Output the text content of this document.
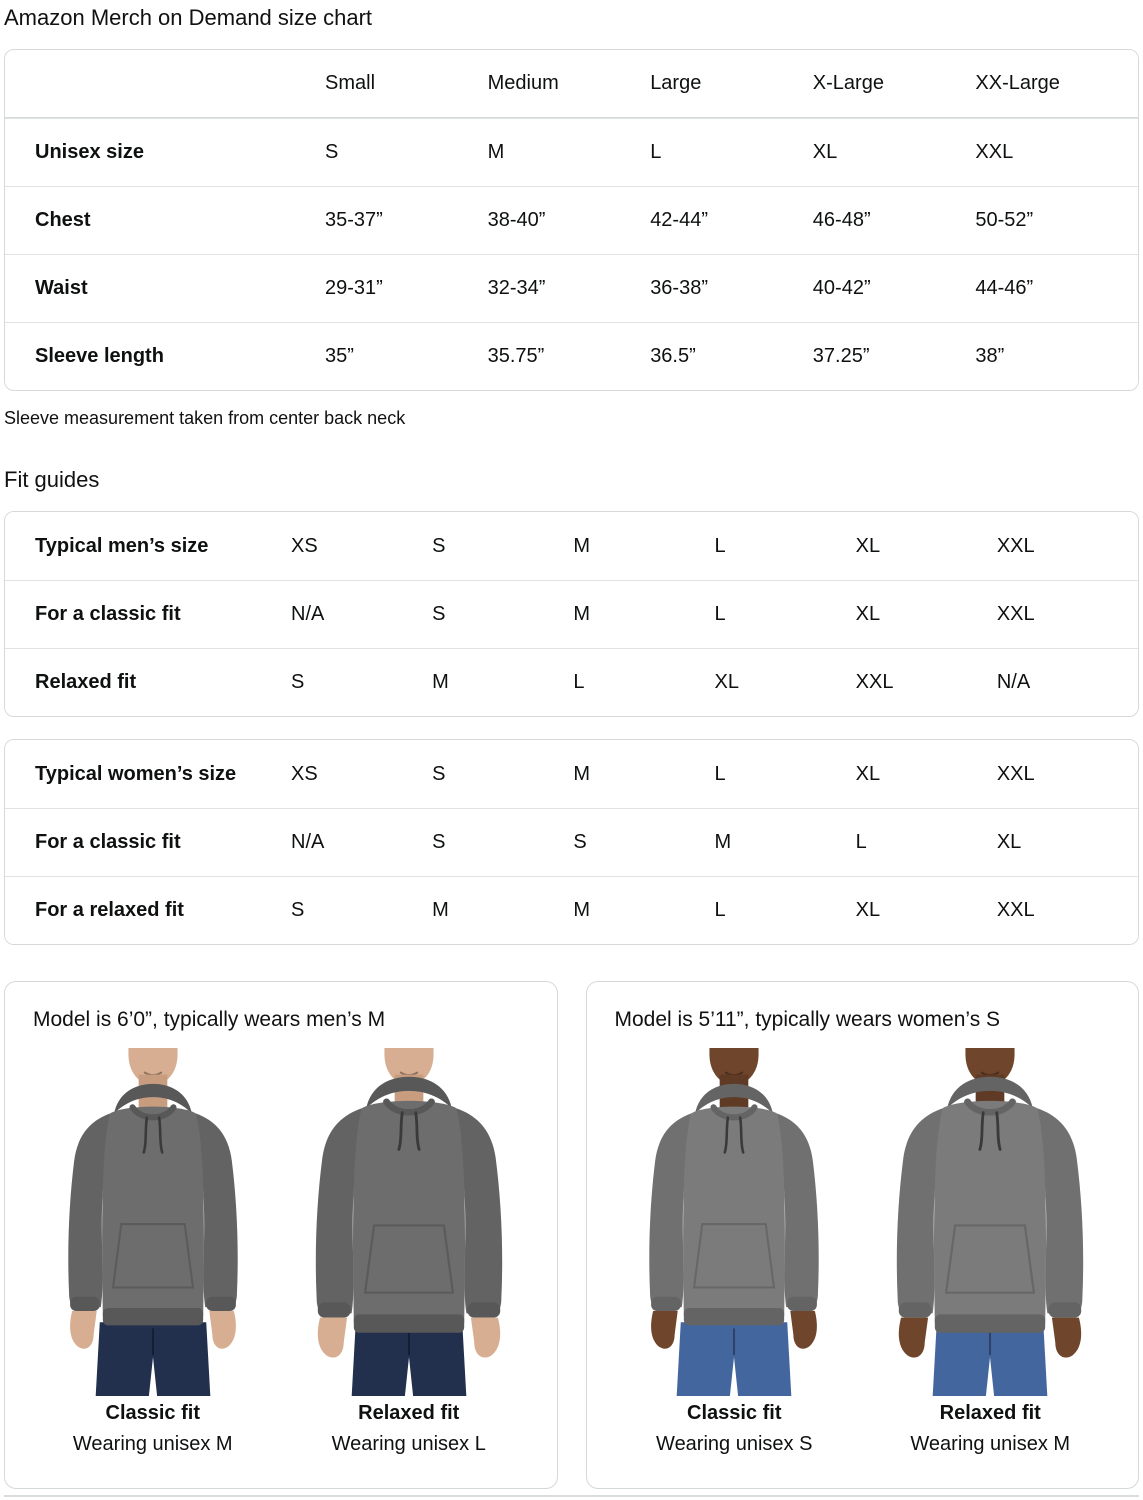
Amazon Merch on Demand size chart
Small	Medium	Large	X-Large	XX-Large
Unisex size	S	M	L	XL	XXL
Chest	35-37”	38-40”	42-44”	46-48”	50-52”
Waist	29-31”	32-34”	36-38”	40-42”	44-46”
Sleeve length	35”	35.75”	36.5”	37.25”	38”
Sleeve measurement taken from center back neck
Fit guides
Typical men’s size	XS	S	M	L	XL	XXL
For a classic fit	N/A	S	M	L	XL	XXL
Relaxed fit	S	M	L	XL	XXL	N/A
Typical women’s size	XS	S	M	L	XL	XXL
For a classic fit	N/A	S	S	M	L	XL
For a relaxed fit	S	M	M	L	XL	XXL
Model is 6’0”, typically wears men’s M
Classic fit
Wearing unisex M
Relaxed fit
Wearing unisex L
Model is 5’11”, typically wears women’s S
Classic fit
Wearing unisex S
Relaxed fit
Wearing unisex M
